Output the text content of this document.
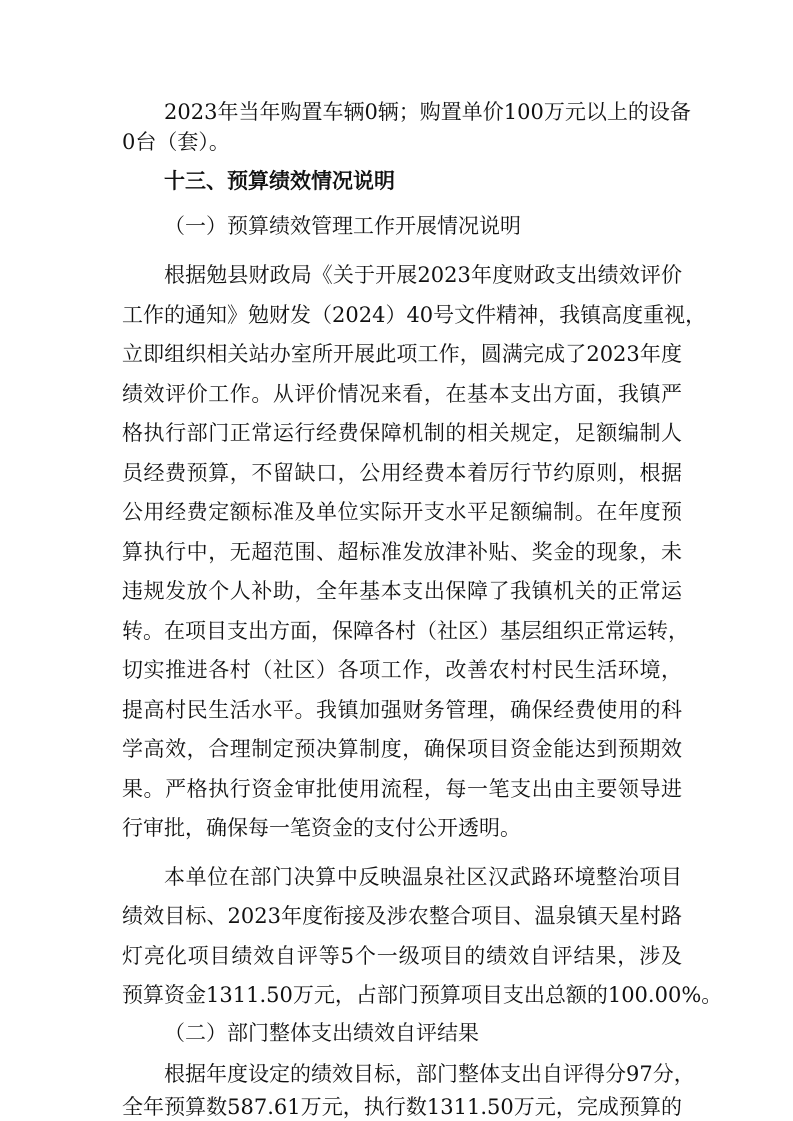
2023年当年购置车辆0辆；购置单价100万元以上的设备
0台（套）。
十三、预算绩效情况说明
（一）预算绩效管理工作开展情况说明
根据勉县财政局《关于开展2023年度财政支出绩效评价
工作的通知》勉财发（2024）40号文件精神，我镇高度重视，
立即组织相关站办室所开展此项工作，圆满完成了2023年度
绩效评价工作。从评价情况来看，在基本支出方面，我镇严
格执行部门正常运行经费保障机制的相关规定，足额编制人
员经费预算，不留缺口，公用经费本着厉行节约原则，根据
公用经费定额标准及单位实际开支水平足额编制。在年度预
算执行中，无超范围、超标准发放津补贴、奖金的现象，未
违规发放个人补助，全年基本支出保障了我镇机关的正常运
转。在项目支出方面，保障各村（社区）基层组织正常运转，
切实推进各村（社区）各项工作，改善农村村民生活环境，
提高村民生活水平。我镇加强财务管理，确保经费使用的科
学高效，合理制定预决算制度，确保项目资金能达到预期效
果。严格执行资金审批使用流程，每一笔支出由主要领导进
行审批，确保每一笔资金的支付公开透明。
本单位在部门决算中反映温泉社区汉武路环境整治项目
绩效目标、2023年度衔接及涉农整合项目、温泉镇天星村路
灯亮化项目绩效自评等5个一级项目的绩效自评结果，涉及
预算资金1311.50万元，占部门预算项目支出总额的100.00%。
（二）部门整体支出绩效自评结果
根据年度设定的绩效目标，部门整体支出自评得分97分，
全年预算数587.61万元，执行数1311.50万元，完成预算的
